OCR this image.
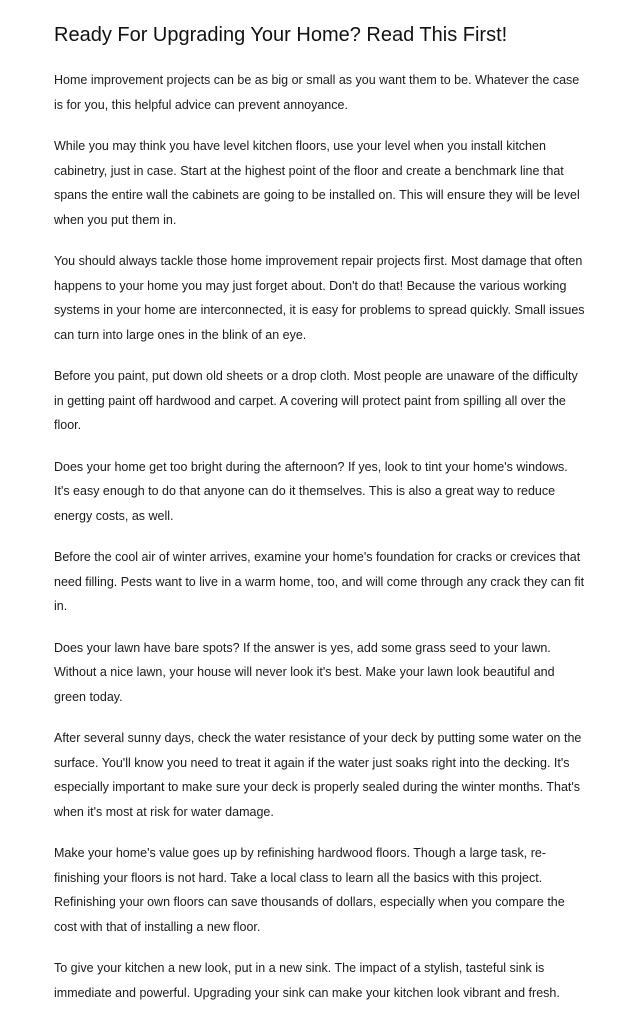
Ready For Upgrading Your Home? Read This First!

Home improvement projects can be as big or small as you want them to be. Whatever the case is for you, this helpful advice can prevent annoyance.

While you may think you have level kitchen floors, use your level when you install kitchen cabinetry, just in case. Start at the highest point of the floor and create a benchmark line that spans the entire wall the cabinets are going to be installed on. This will ensure they will be level when you put them in.

You should always tackle those home improvement repair projects first. Most damage that often happens to your home you may just forget about. Don't do that! Because the various working systems in your home are interconnected, it is easy for problems to spread quickly. Small issues can turn into large ones in the blink of an eye.

Before you paint, put down old sheets or a drop cloth. Most people are unaware of the difficulty in getting paint off hardwood and carpet. A covering will protect paint from spilling all over the floor.

Does your home get too bright during the afternoon? If yes, look to tint your home's windows. It's easy enough to do that anyone can do it themselves. This is also a great way to reduce energy costs, as well.

Before the cool air of winter arrives, examine your home's foundation for cracks or crevices that need filling. Pests want to live in a warm home, too, and will come through any crack they can fit in.

Does your lawn have bare spots? If the answer is yes, add some grass seed to your lawn. Without a nice lawn, your house will never look it's best. Make your lawn look beautiful and green today.

After several sunny days, check the water resistance of your deck by putting some water on the surface. You'll know you need to treat it again if the water just soaks right into the decking. It's especially important to make sure your deck is properly sealed during the winter months. That's when it's most at risk for water damage.

Make your home's value goes up by refinishing hardwood floors. Though a large task, re-finishing your floors is not hard. Take a local class to learn all the basics with this project. Refinishing your own floors can save thousands of dollars, especially when you compare the cost with that of installing a new floor.

To give your kitchen a new look, put in a new sink. The impact of a stylish, tasteful sink is immediate and powerful. Upgrading your sink can make your kitchen look vibrant and fresh.
